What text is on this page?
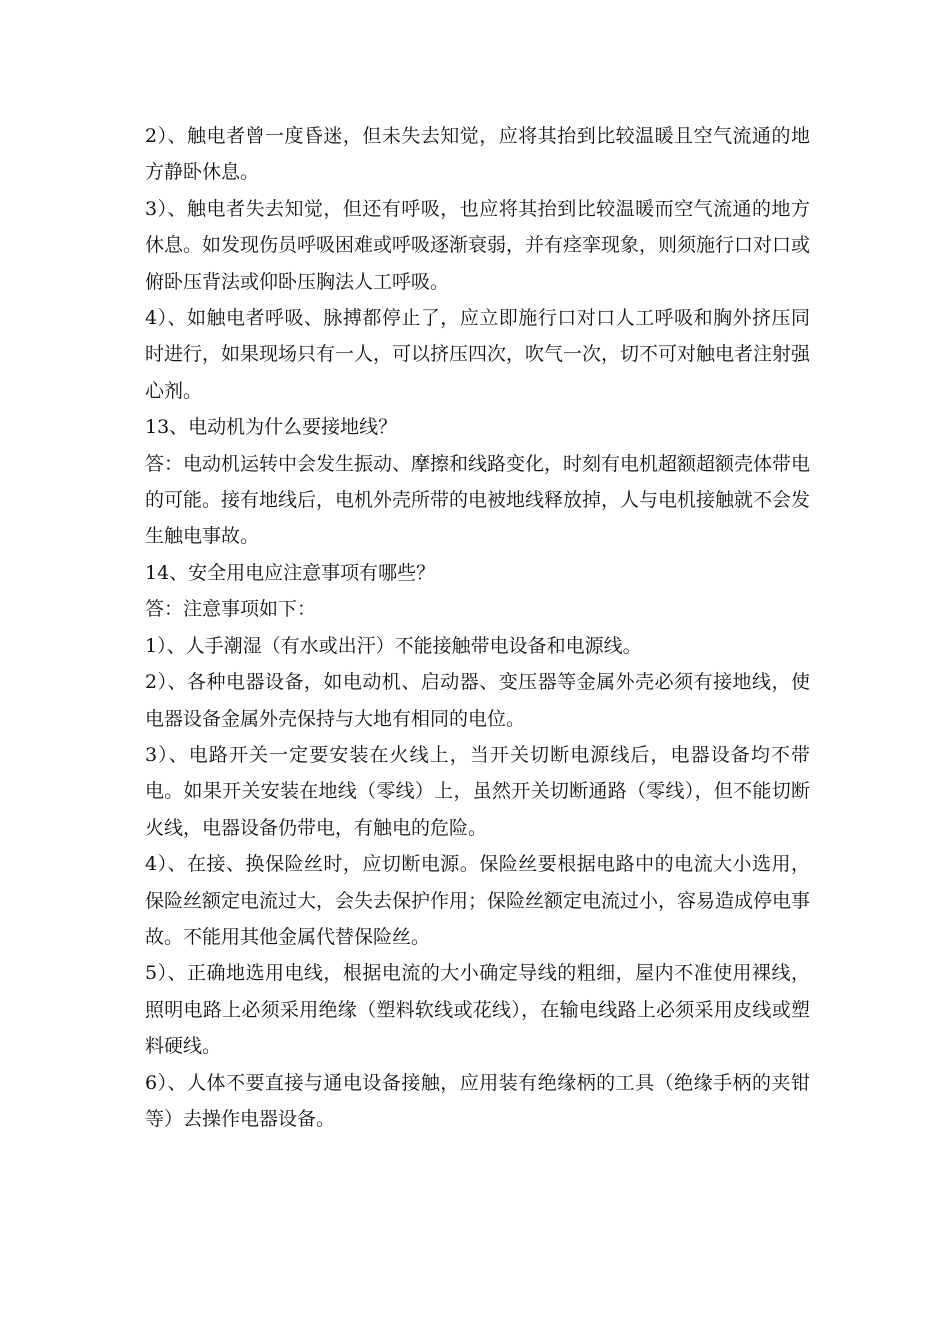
2）、触电者曾一度昏迷，但未失去知觉，应将其抬到比较温暖且空气流通的地方静卧休息。

3）、触电者失去知觉，但还有呼吸，也应将其抬到比较温暖而空气流通的地方休息。如发现伤员呼吸困难或呼吸逐渐衰弱，并有痉挛现象，则须施行口对口或俯卧压背法或仰卧压胸法人工呼吸。

4）、如触电者呼吸、脉搏都停止了，应立即施行口对口人工呼吸和胸外挤压同时进行，如果现场只有一人，可以挤压四次，吹气一次，切不可对触电者注射强心剂。

13、电动机为什么要接地线？

答：电动机运转中会发生振动、摩擦和线路变化，时刻有电机超额超额壳体带电的可能。接有地线后，电机外壳所带的电被地线释放掉，人与电机接触就不会发生触电事故。

14、安全用电应注意事项有哪些？

答：注意事项如下：

1）、人手潮湿（有水或出汗）不能接触带电设备和电源线。

2）、各种电器设备，如电动机、启动器、变压器等金属外壳必须有接地线，使电器设备金属外壳保持与大地有相同的电位。

3）、电路开关一定要安装在火线上，当开关切断电源线后，电器设备均不带电。如果开关安装在地线（零线）上，虽然开关切断通路（零线），但不能切断火线，电器设备仍带电，有触电的危险。

4）、在接、换保险丝时，应切断电源。保险丝要根据电路中的电流大小选用，保险丝额定电流过大，会失去保护作用；保险丝额定电流过小，容易造成停电事故。不能用其他金属代替保险丝。

5）、正确地选用电线，根据电流的大小确定导线的粗细，屋内不准使用裸线，照明电路上必须采用绝缘（塑料软线或花线），在输电线路上必须采用皮线或塑料硬线。

6）、人体不要直接与通电设备接触，应用装有绝缘柄的工具（绝缘手柄的夹钳等）去操作电器设备。
